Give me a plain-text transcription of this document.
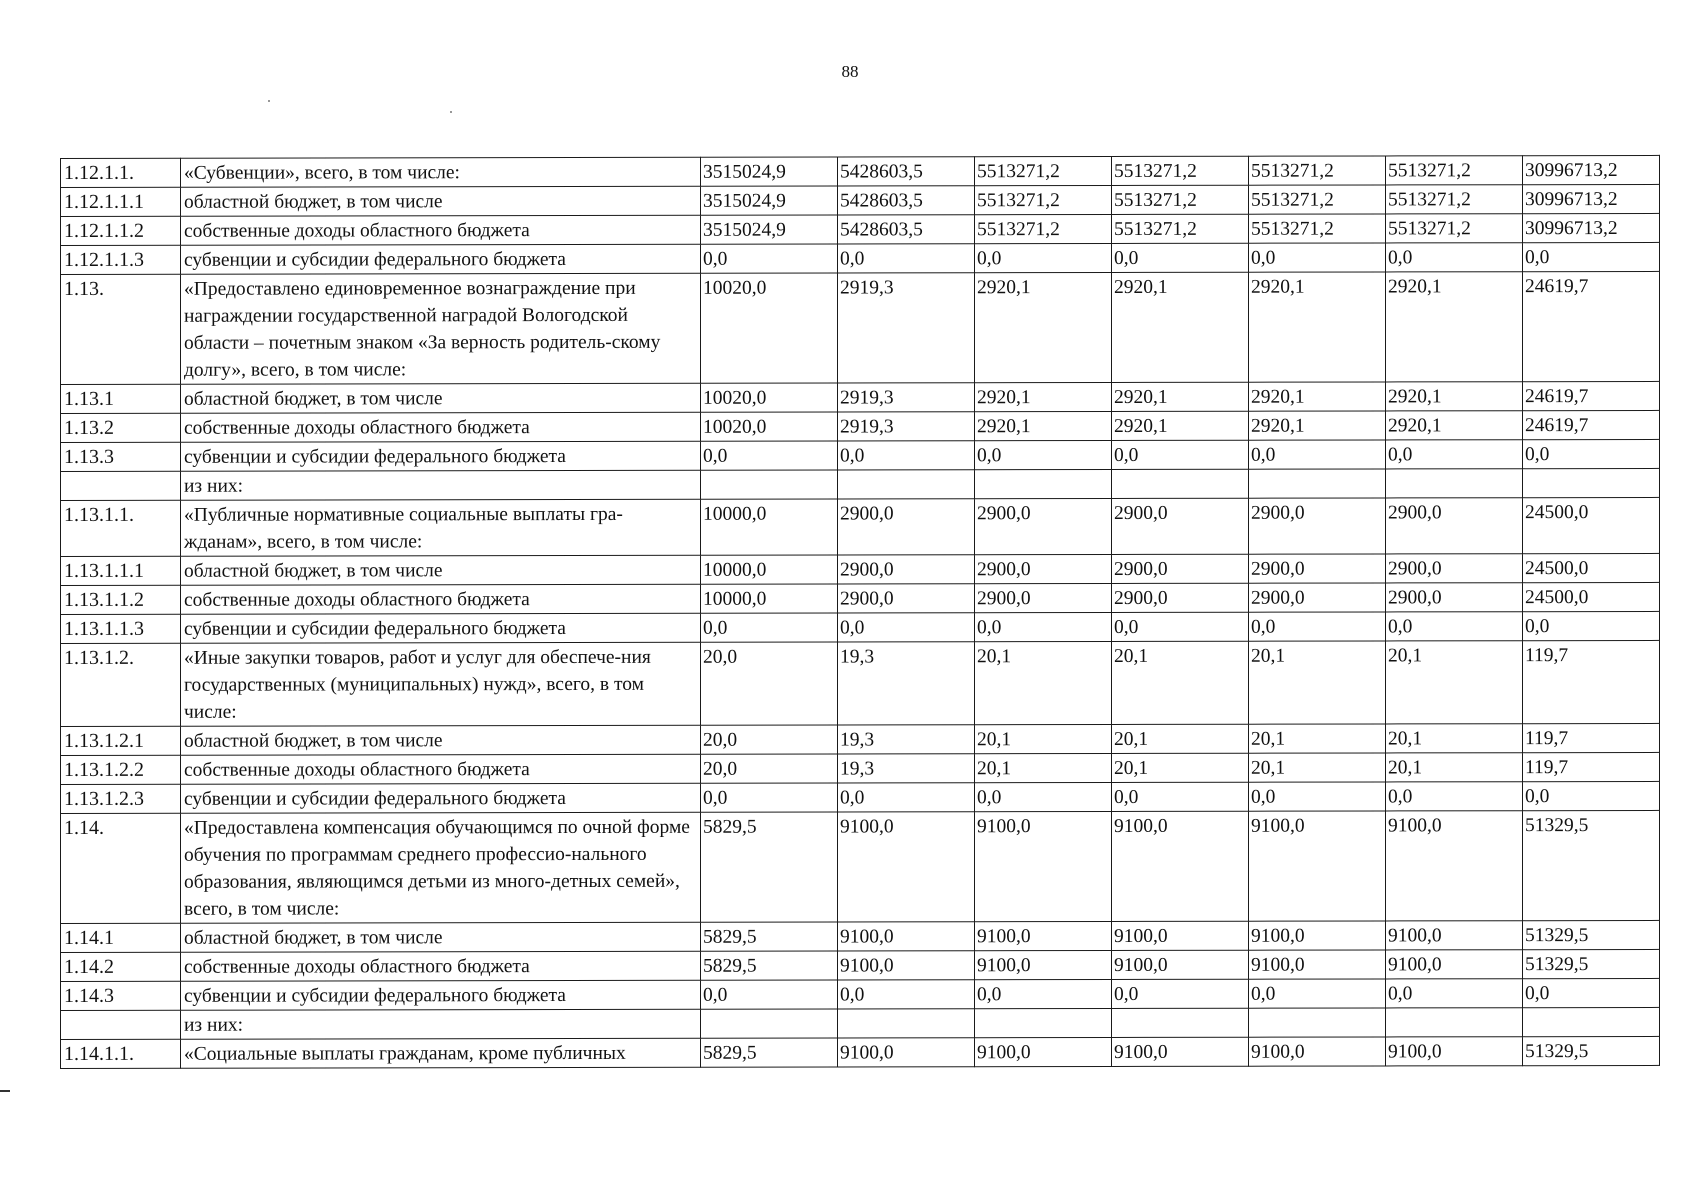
88
1.12.1.1.	«Субвенции», всего, в том числе:	3515024,9	5428603,5	5513271,2	5513271,2	5513271,2	5513271,2	30996713,2
1.12.1.1.1	областной бюджет, в том числе	3515024,9	5428603,5	5513271,2	5513271,2	5513271,2	5513271,2	30996713,2
1.12.1.1.2	собственные доходы областного бюджета	3515024,9	5428603,5	5513271,2	5513271,2	5513271,2	5513271,2	30996713,2
1.12.1.1.3	субвенции и субсидии федерального бюджета	0,0	0,0	0,0	0,0	0,0	0,0	0,0
1.13.	«Предоставлено единовременное вознаграждение при награждении государственной наградой Вологодской области – почетным знаком «За верность родитель-скому долгу», всего, в том числе:	10020,0	2919,3	2920,1	2920,1	2920,1	2920,1	24619,7
1.13.1	областной бюджет, в том числе	10020,0	2919,3	2920,1	2920,1	2920,1	2920,1	24619,7
1.13.2	собственные доходы областного бюджета	10020,0	2919,3	2920,1	2920,1	2920,1	2920,1	24619,7
1.13.3	субвенции и субсидии федерального бюджета	0,0	0,0	0,0	0,0	0,0	0,0	0,0
	из них:							
1.13.1.1.	«Публичные нормативные социальные выплаты гра-жданам», всего, в том числе:	10000,0	2900,0	2900,0	2900,0	2900,0	2900,0	24500,0
1.13.1.1.1	областной бюджет, в том числе	10000,0	2900,0	2900,0	2900,0	2900,0	2900,0	24500,0
1.13.1.1.2	собственные доходы областного бюджета	10000,0	2900,0	2900,0	2900,0	2900,0	2900,0	24500,0
1.13.1.1.3	субвенции и субсидии федерального бюджета	0,0	0,0	0,0	0,0	0,0	0,0	0,0
1.13.1.2.	«Иные закупки товаров, работ и услуг для обеспече-ния государственных (муниципальных) нужд», всего, в том числе:	20,0	19,3	20,1	20,1	20,1	20,1	119,7
1.13.1.2.1	областной бюджет, в том числе	20,0	19,3	20,1	20,1	20,1	20,1	119,7
1.13.1.2.2	собственные доходы областного бюджета	20,0	19,3	20,1	20,1	20,1	20,1	119,7
1.13.1.2.3	субвенции и субсидии федерального бюджета	0,0	0,0	0,0	0,0	0,0	0,0	0,0
1.14.	«Предоставлена компенсация обучающимся по очной форме обучения по программам среднего профессио-нального образования, являющимся детьми из много-детных семей», всего, в том числе:	5829,5	9100,0	9100,0	9100,0	9100,0	9100,0	51329,5
1.14.1	областной бюджет, в том числе	5829,5	9100,0	9100,0	9100,0	9100,0	9100,0	51329,5
1.14.2	собственные доходы областного бюджета	5829,5	9100,0	9100,0	9100,0	9100,0	9100,0	51329,5
1.14.3	субвенции и субсидии федерального бюджета	0,0	0,0	0,0	0,0	0,0	0,0	0,0
	из них:							
1.14.1.1.	«Социальные выплаты гражданам, кроме публичных	5829,5	9100,0	9100,0	9100,0	9100,0	9100,0	51329,5
